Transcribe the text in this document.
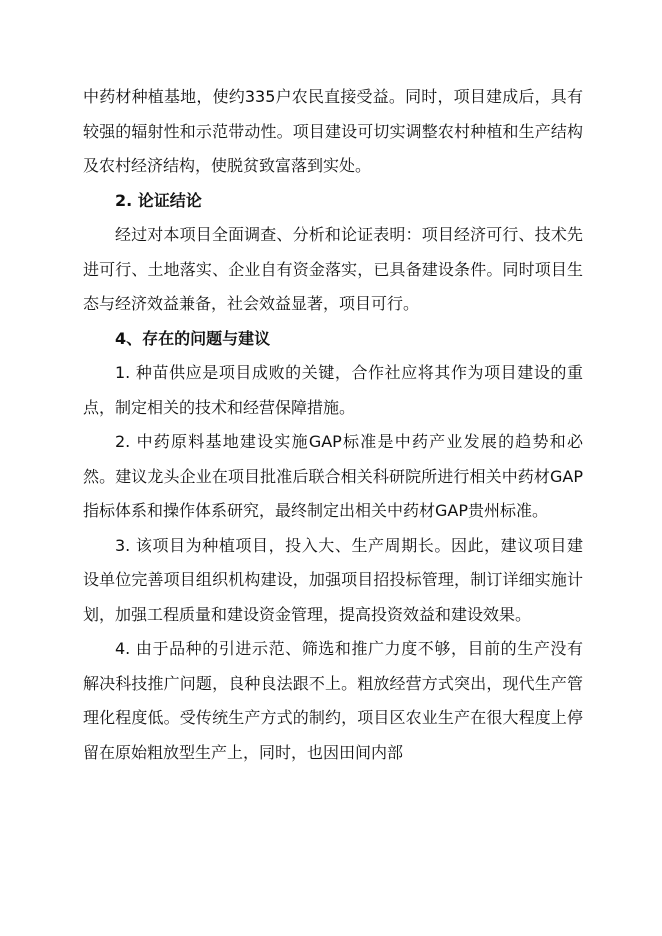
中药材种植基地，使约335户农民直接受益。同时，项目建成后，具有较强的辐射性和示范带动性。项目建设可切实调整农村种植和生产结构及农村经济结构，使脱贫致富落到实处。

2. 论证结论

经过对本项目全面调查、分析和论证表明：项目经济可行、技术先进可行、土地落实、企业自有资金落实，已具备建设条件。同时项目生态与经济效益兼备，社会效益显著，项目可行。

4、存在的问题与建议

1. 种苗供应是项目成败的关键，合作社应将其作为项目建设的重点，制定相关的技术和经营保障措施。

2. 中药原料基地建设实施GAP标准是中药产业发展的趋势和必然。建议龙头企业在项目批准后联合相关科研院所进行相关中药材GAP指标体系和操作体系研究，最终制定出相关中药材GAP贵州标准。

3. 该项目为种植项目，投入大、生产周期长。因此，建议项目建设单位完善项目组织机构建设，加强项目招投标管理，制订详细实施计划，加强工程质量和建设资金管理，提高投资效益和建设效果。

4. 由于品种的引进示范、筛选和推广力度不够，目前的生产没有解决科技推广问题，良种良法跟不上。粗放经营方式突出，现代生产管理化程度低。受传统生产方式的制约，项目区农业生产在很大程度上停留在原始粗放型生产上，同时，也因田间内部
